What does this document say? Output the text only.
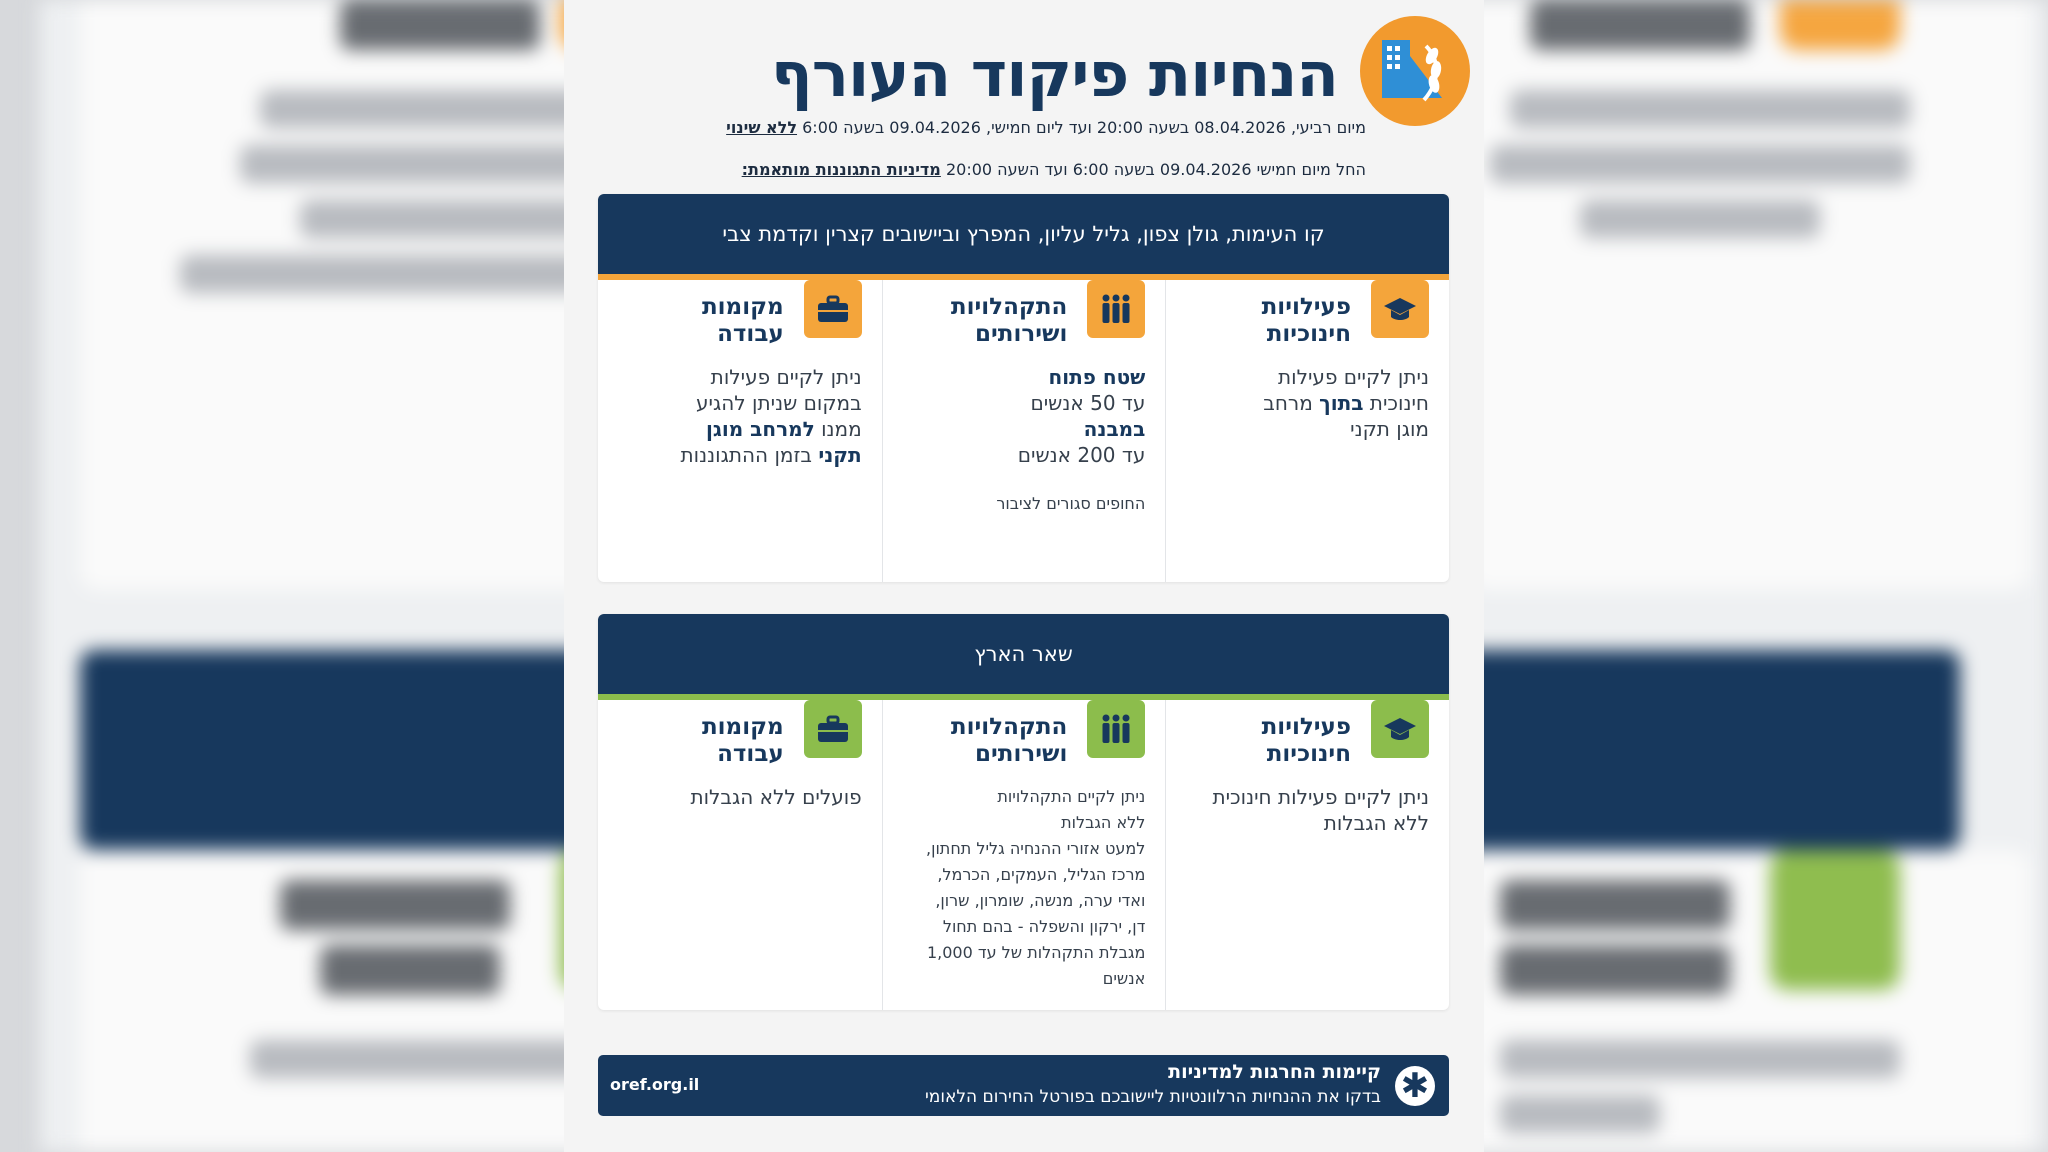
הנחיות פיקוד העורף
מיום רביעי, 08.04.2026 בשעה 20:00 ועד ליום חמישי, 09.04.2026 בשעה 6:00 ללא שינוי
החל מיום חמישי 09.04.2026 בשעה 6:00 ועד השעה 20:00 מדיניות התגוננות מותאמת:
קו העימות, גולן צפון, גליל עליון, המפרץ וביישובים קצרין וקדמת צבי
פעילויות
חינוכיות
ניתן לקיים פעילות
חינוכית בתוך מרחב
מוגן תקני
התקהלויות
ושירותים
שטח פתוח
עד 50 אנשים
במבנה
עד 200 אנשים
החופים סגורים לציבור
מקומות
עבודה
ניתן לקיים פעילות
במקום שניתן להגיע
ממנו למרחב מוגן
תקני בזמן ההתגוננות
שאר הארץ
פעילויות
חינוכיות
ניתן לקיים פעילות חינוכית
ללא הגבלות
התקהלויות
ושירותים
ניתן לקיים התקהלויות
ללא הגבלות
למעט אזורי ההנחיה גליל תחתון,
מרכז הגליל, העמקים, הכרמל,
ואדי ערה, מנשה, שומרון, שרון,
דן, ירקון והשפלה - בהם תחול
מגבלת התקהלות של עד 1,000
אנשים
מקומות
עבודה
פועלים ללא הגבלות
✱
קיימות החרגות למדיניות
בדקו את ההנחיות הרלוונטיות ליישובכם בפורטל החירום הלאומי
oref.org.il
